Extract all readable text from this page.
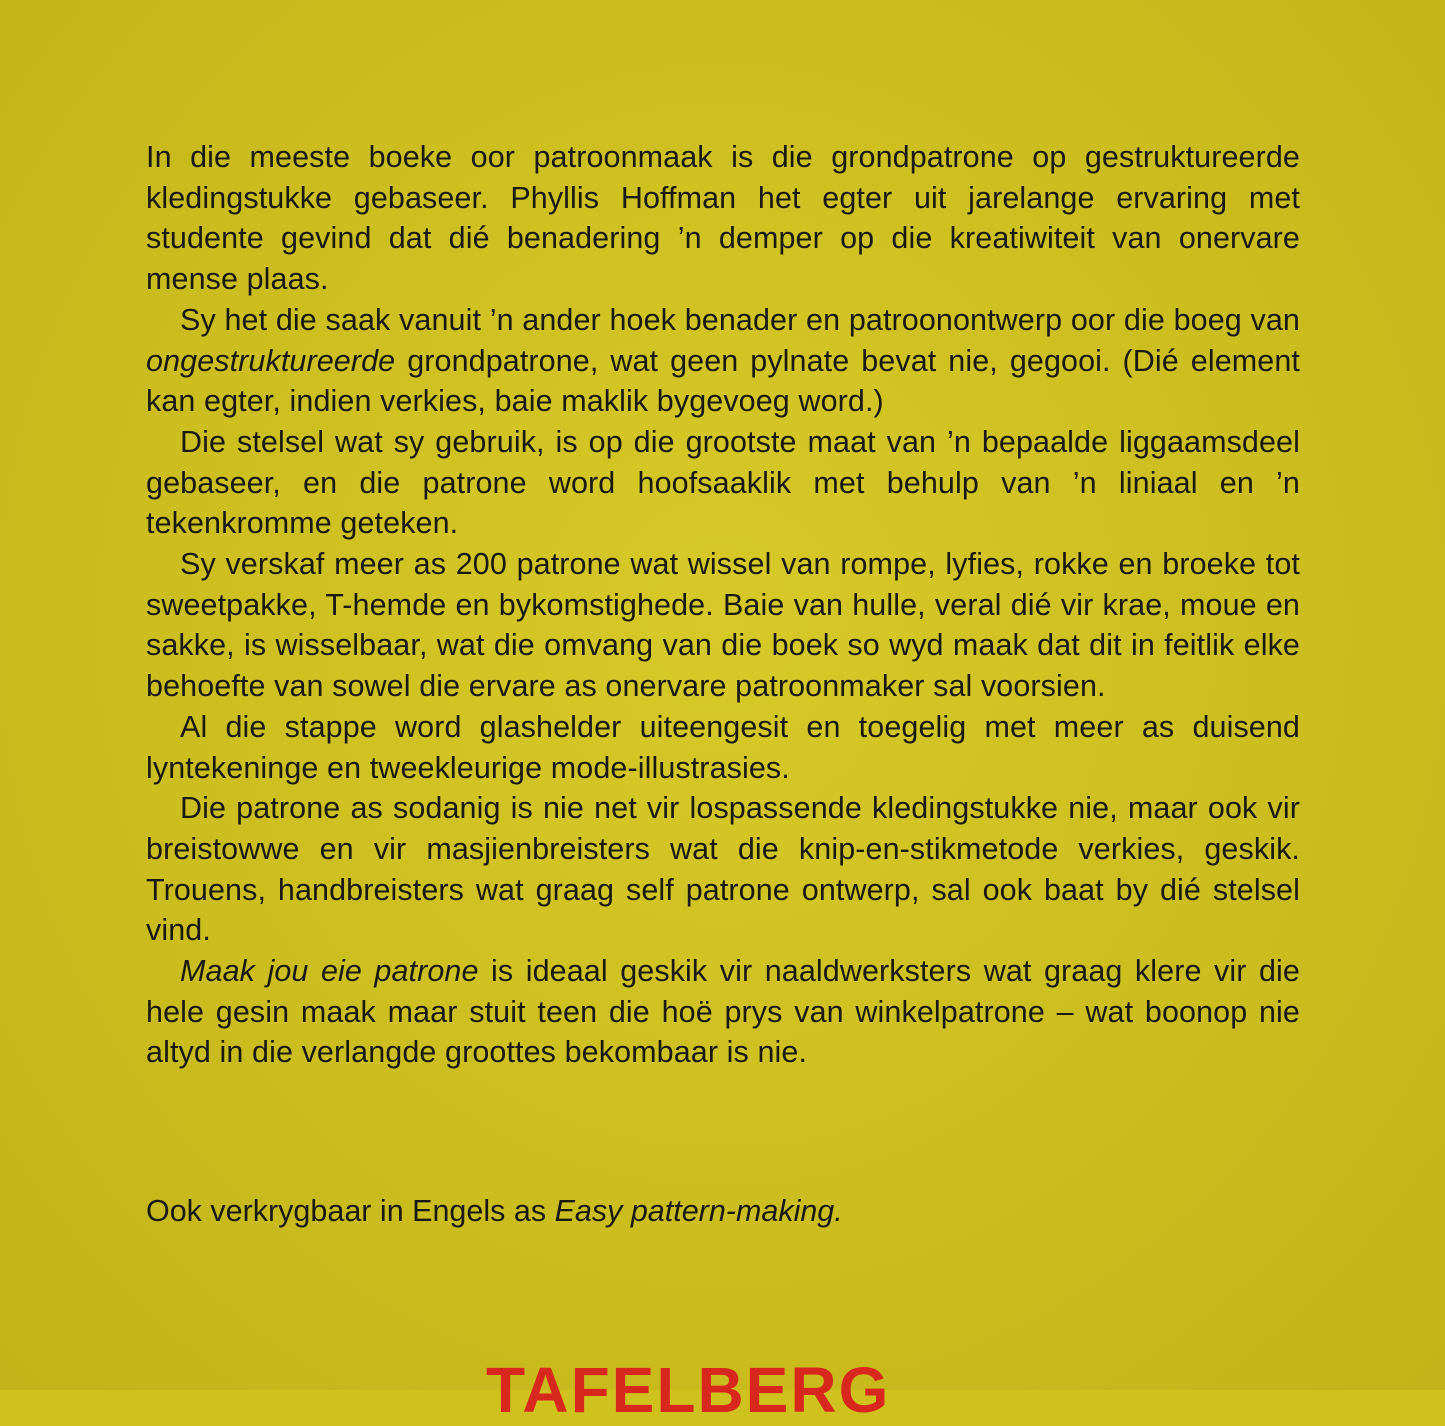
In die meeste boeke oor patroonmaak is die grondpatrone op gestruktureerde kledingstukke gebaseer. Phyllis Hoffman het egter uit jarelange ervaring met studente gevind dat dié benadering ’n demper op die kreatiwiteit van onervare mense plaas.

Sy het die saak vanuit ’n ander hoek benader en patroonontwerp oor die boeg van ongestruktureerde grondpatrone, wat geen pylnate bevat nie, gegooi. (Dié element kan egter, indien verkies, baie maklik bygevoeg word.)

Die stelsel wat sy gebruik, is op die grootste maat van ’n bepaalde liggaamsdeel gebaseer, en die patrone word hoofsaaklik met behulp van ’n liniaal en ’n tekenkromme geteken.

Sy verskaf meer as 200 patrone wat wissel van rompe, lyfies, rokke en broeke tot sweetpakke, T-hemde en bykomstighede. Baie van hulle, veral dié vir krae, moue en sakke, is wisselbaar, wat die omvang van die boek so wyd maak dat dit in feitlik elke behoefte van sowel die ervare as onervare patroonmaker sal voorsien.

Al die stappe word glashelder uiteengesit en toegelig met meer as duisend lyntekeninge en tweekleurige mode-illustrasies.

Die patrone as sodanig is nie net vir lospassende kledingstukke nie, maar ook vir breistowwe en vir masjienbreisters wat die knip-en-stikmetode verkies, geskik. Trouens, handbreisters wat graag self patrone ontwerp, sal ook baat by dié stelsel vind.

Maak jou eie patrone is ideaal geskik vir naaldwerksters wat graag klere vir die hele gesin maak maar stuit teen die hoë prys van winkelpatrone – wat boonop nie altyd in die verlangde groottes bekombaar is nie.

Ook verkrygbaar in Engels as Easy pattern-making.
TAFELBERG
